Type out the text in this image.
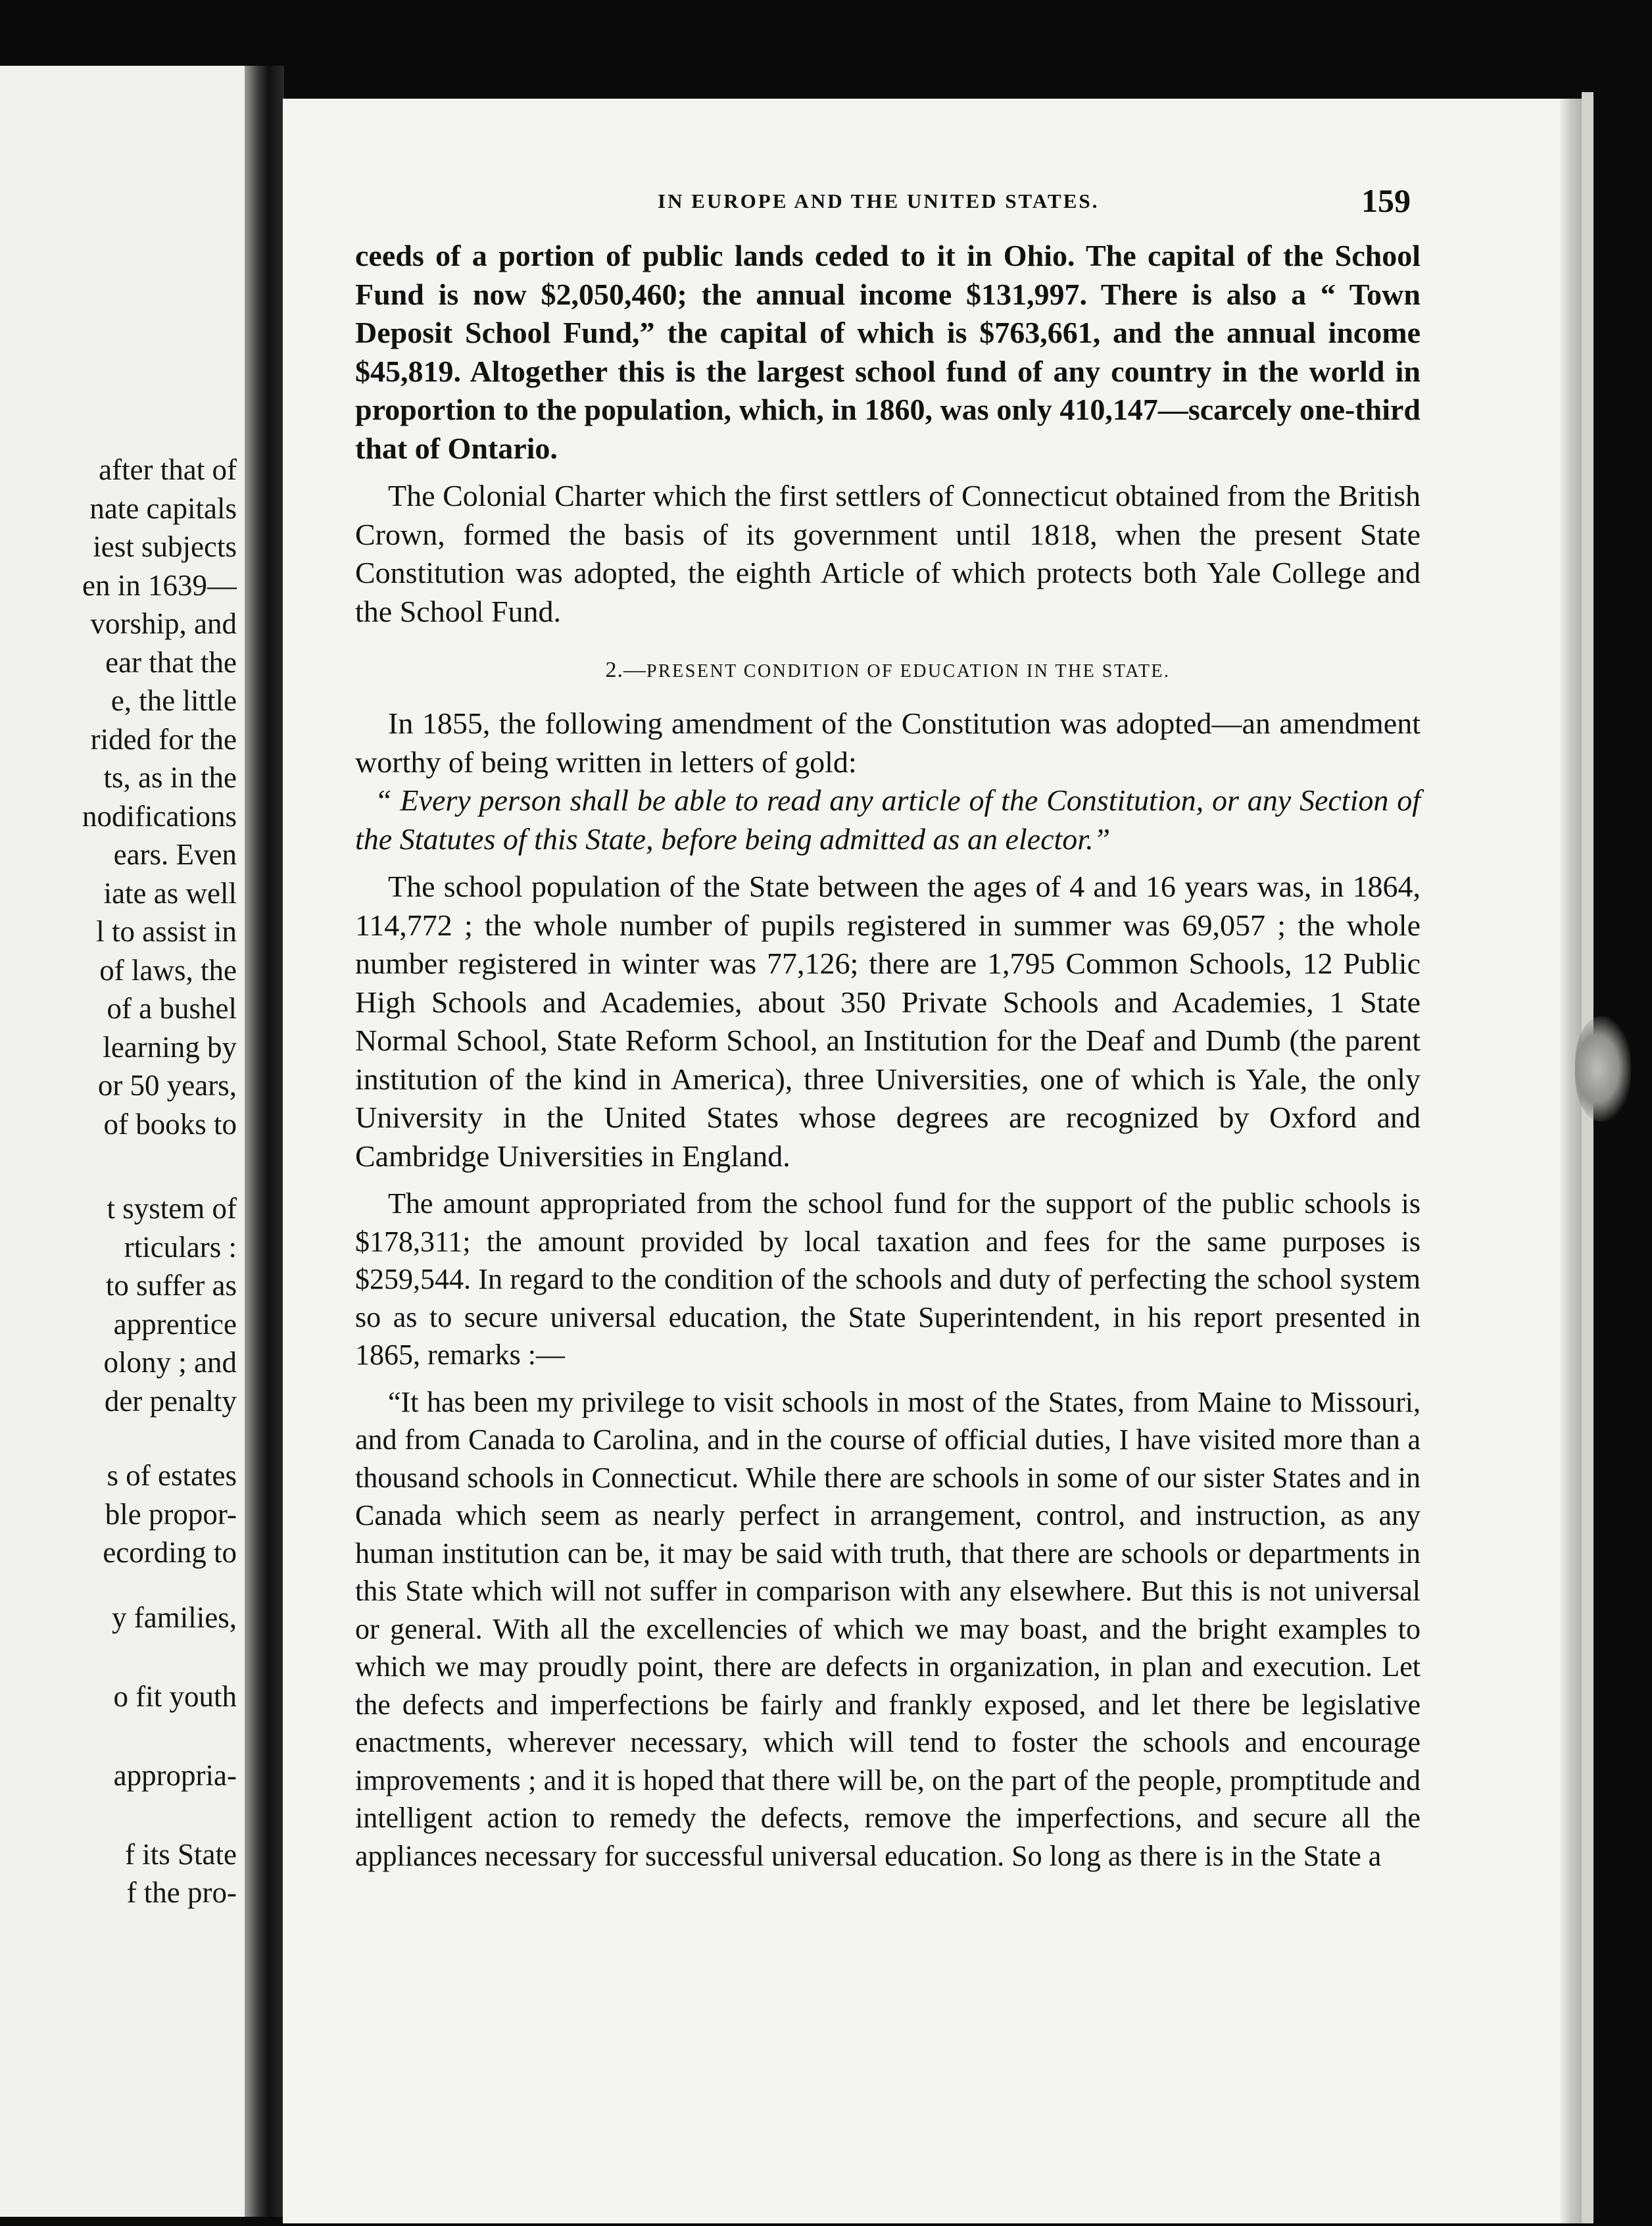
after that of
nate capitals
iest subjects
en in 1639—
vorship, and
ear that the
e, the little
rided for the
ts, as in the
nodifications
ears. Even
iate as well
l to assist in
of laws, the
of a bushel
learning by
or 50 years,
of books to
t system of
rticulars :
to suffer as
apprentice
olony ; and
der penalty
s of estates
ble propor-
ecording to
y families,
o fit youth
appropria-
f its State
f the pro-
IN EUROPE AND THE UNITED STATES.	159

ceeds of a portion of public lands ceded to it in Ohio. The capital of the School Fund is now $2,050,460; the annual income $131,997. There is also a “ Town Deposit School Fund,” the capital of which is $763,661, and the annual income $45,819. Altogether this is the largest school fund of any country in the world in proportion to the population, which, in 1860, was only 410,147—scarcely one-third that of Ontario.

The Colonial Charter which the first settlers of Connecticut obtained from the British Crown, formed the basis of its government until 1818, when the present State Constitution was adopted, the eighth Article of which protects both Yale College and the School Fund.

2.—PRESENT CONDITION OF EDUCATION IN THE STATE.

In 1855, the following amendment of the Constitution was adopted—an amendment worthy of being written in letters of gold:

“ Every person shall be able to read any article of the Constitution, or any Section of the Statutes of this State, before being admitted as an elector.”

The school population of the State between the ages of 4 and 16 years was, in 1864, 114,772 ; the whole number of pupils registered in summer was 69,057 ; the whole number registered in winter was 77,126; there are 1,795 Common Schools, 12 Public High Schools and Academies, about 350 Private Schools and Academies, 1 State Normal School, State Reform School, an Institution for the Deaf and Dumb (the parent institution of the kind in America), three Universities, one of which is Yale, the only University in the United States whose degrees are recognized by Oxford and Cambridge Universities in England.

The amount appropriated from the school fund for the support of the public schools is $178,311; the amount provided by local taxation and fees for the same purposes is $259,544. In regard to the condition of the schools and duty of perfecting the school system so as to secure universal education, the State Superintendent, in his report presented in 1865, remarks :—

“It has been my privilege to visit schools in most of the States, from Maine to Missouri, and from Canada to Carolina, and in the course of official duties, I have visited more than a thousand schools in Connecticut. While there are schools in some of our sister States and in Canada which seem as nearly perfect in arrangement, control, and instruction, as any human institution can be, it may be said with truth, that there are schools or departments in this State which will not suffer in comparison with any elsewhere. But this is not universal or general. With all the excellencies of which we may boast, and the bright examples to which we may proudly point, there are defects in organization, in plan and execution. Let the defects and imperfections be fairly and frankly exposed, and let there be legislative enactments, wherever necessary, which will tend to foster the schools and encourage improvements ; and it is hoped that there will be, on the part of the people, promptitude and intelligent action to remedy the defects, remove the imperfections, and secure all the appliances necessary for successful universal education. So long as there is in the State a
